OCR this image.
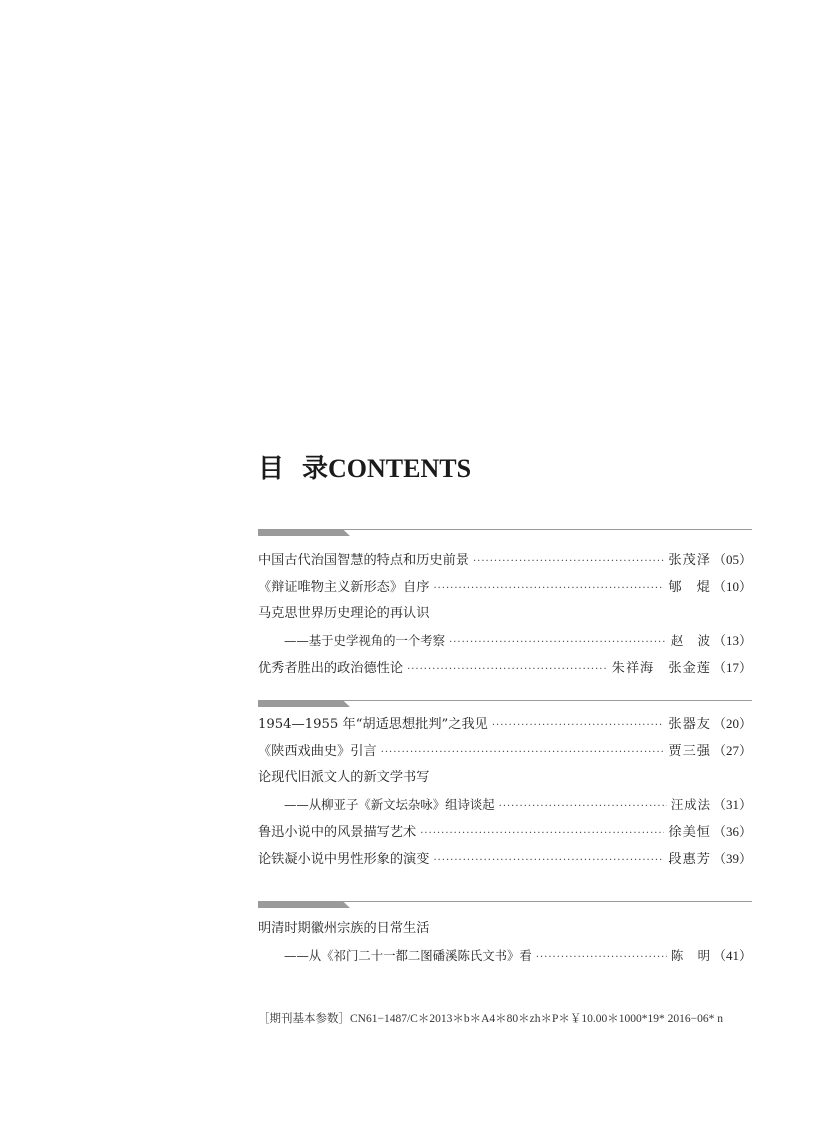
目 录 CONTENTS
中国古代治国智慧的特点和历史前景 ·····	张茂泽 （05）
《辩证唯物主义新形态》自序 ·····	郇　焜 （10）
马克思世界历史理论的再认识
——基于史学视角的一个考察 ·····	赵　波 （13）
优秀者胜出的政治德性论 ·····	朱祥海　张金莲 （17）
1954—1955 年“胡适思想批判”之我见 ·····	张器友 （20）
《陕西戏曲史》引言 ·····	贾三强 （27）
论现代旧派文人的新文学书写
——从柳亚子《新文坛杂咏》组诗谈起 ·····	汪成法 （31）
鲁迅小说中的风景描写艺术 ·····	徐美恒 （36）
论铁凝小说中男性形象的演变 ·····	段惠芳 （39）
明清时期徽州宗族的日常生活
——从《祁门二十一都二图磻溪陈氏文书》看 ·····	陈　明 （41）
［期刊基本参数］CN61−1487/C＊2013＊b＊A4＊80＊zh＊P＊￥10.00＊1000*19* 2016−06* n
